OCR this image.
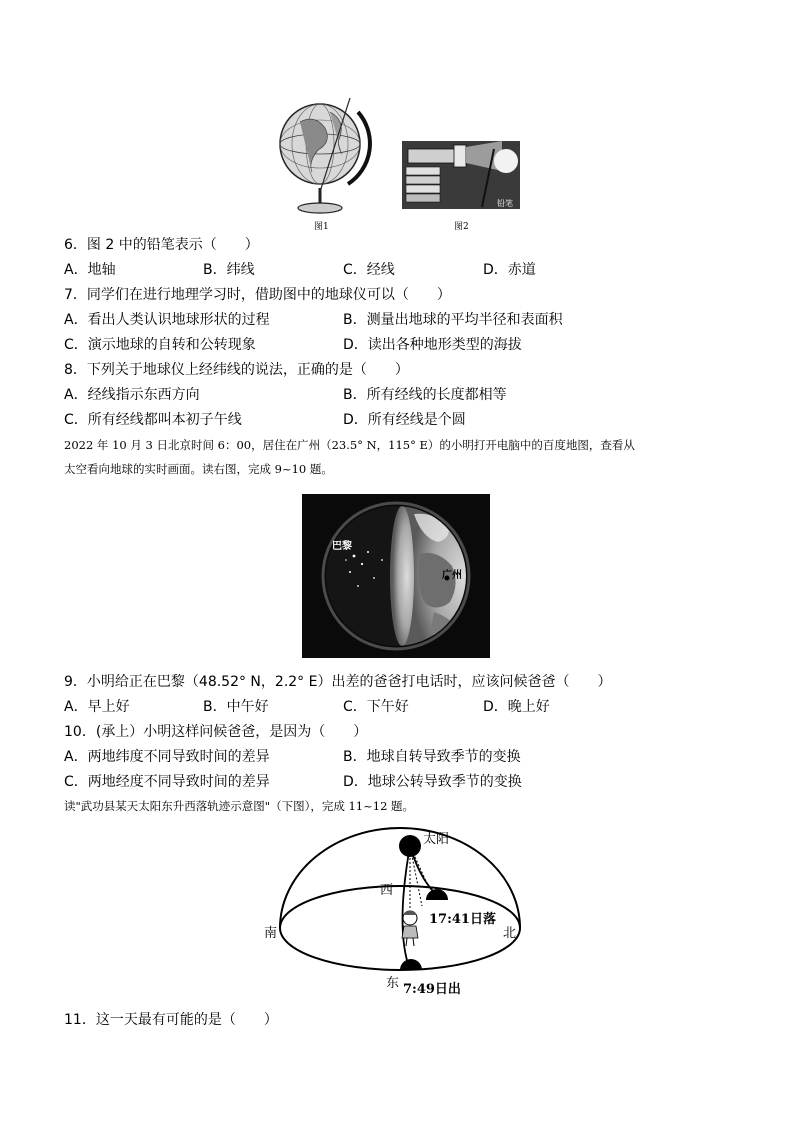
图1
铅笔
图2
6．图 2 中的铅笔表示（　　）
A．地轴	B．纬线	C．经线	D．赤道
7．同学们在进行地理学习时，借助图中的地球仪可以（　　）
A．看出人类认识地球形状的过程	B．测量出地球的平均半径和表面积
C．演示地球的自转和公转现象	D．读出各种地形类型的海拔
8．下列关于地球仪上经纬线的说法，正确的是（　　）
A．经线指示东西方向	B．所有经线的长度都相等
C．所有经线都叫本初子午线	D．所有经线是个圆
2022 年 10 月 3 日北京时间 6：00，居住在广州（23.5° N，115° E）的小明打开电脑中的百度地图，查看从
太空看向地球的实时画面。读右图，完成 9~10 题。
巴黎
广州
9．小明给正在巴黎（48.52° N，2.2° E）出差的爸爸打电话时，应该问候爸爸（　　）
A．早上好	B．中午好	C．下午好	D．晚上好
10．(承上）小明这样问候爸爸，是因为（　　）
A．两地纬度不同导致时间的差异	B．地球自转导致季节的变换
C．两地经度不同导致时间的差异	D．地球公转导致季节的变换
读"武功县某天太阳东升西落轨迹示意图"（下图），完成 11~12 题。
太阳
西
南	北
东
17:41日落
7:49日出
11．这一天最有可能的是（　　）
